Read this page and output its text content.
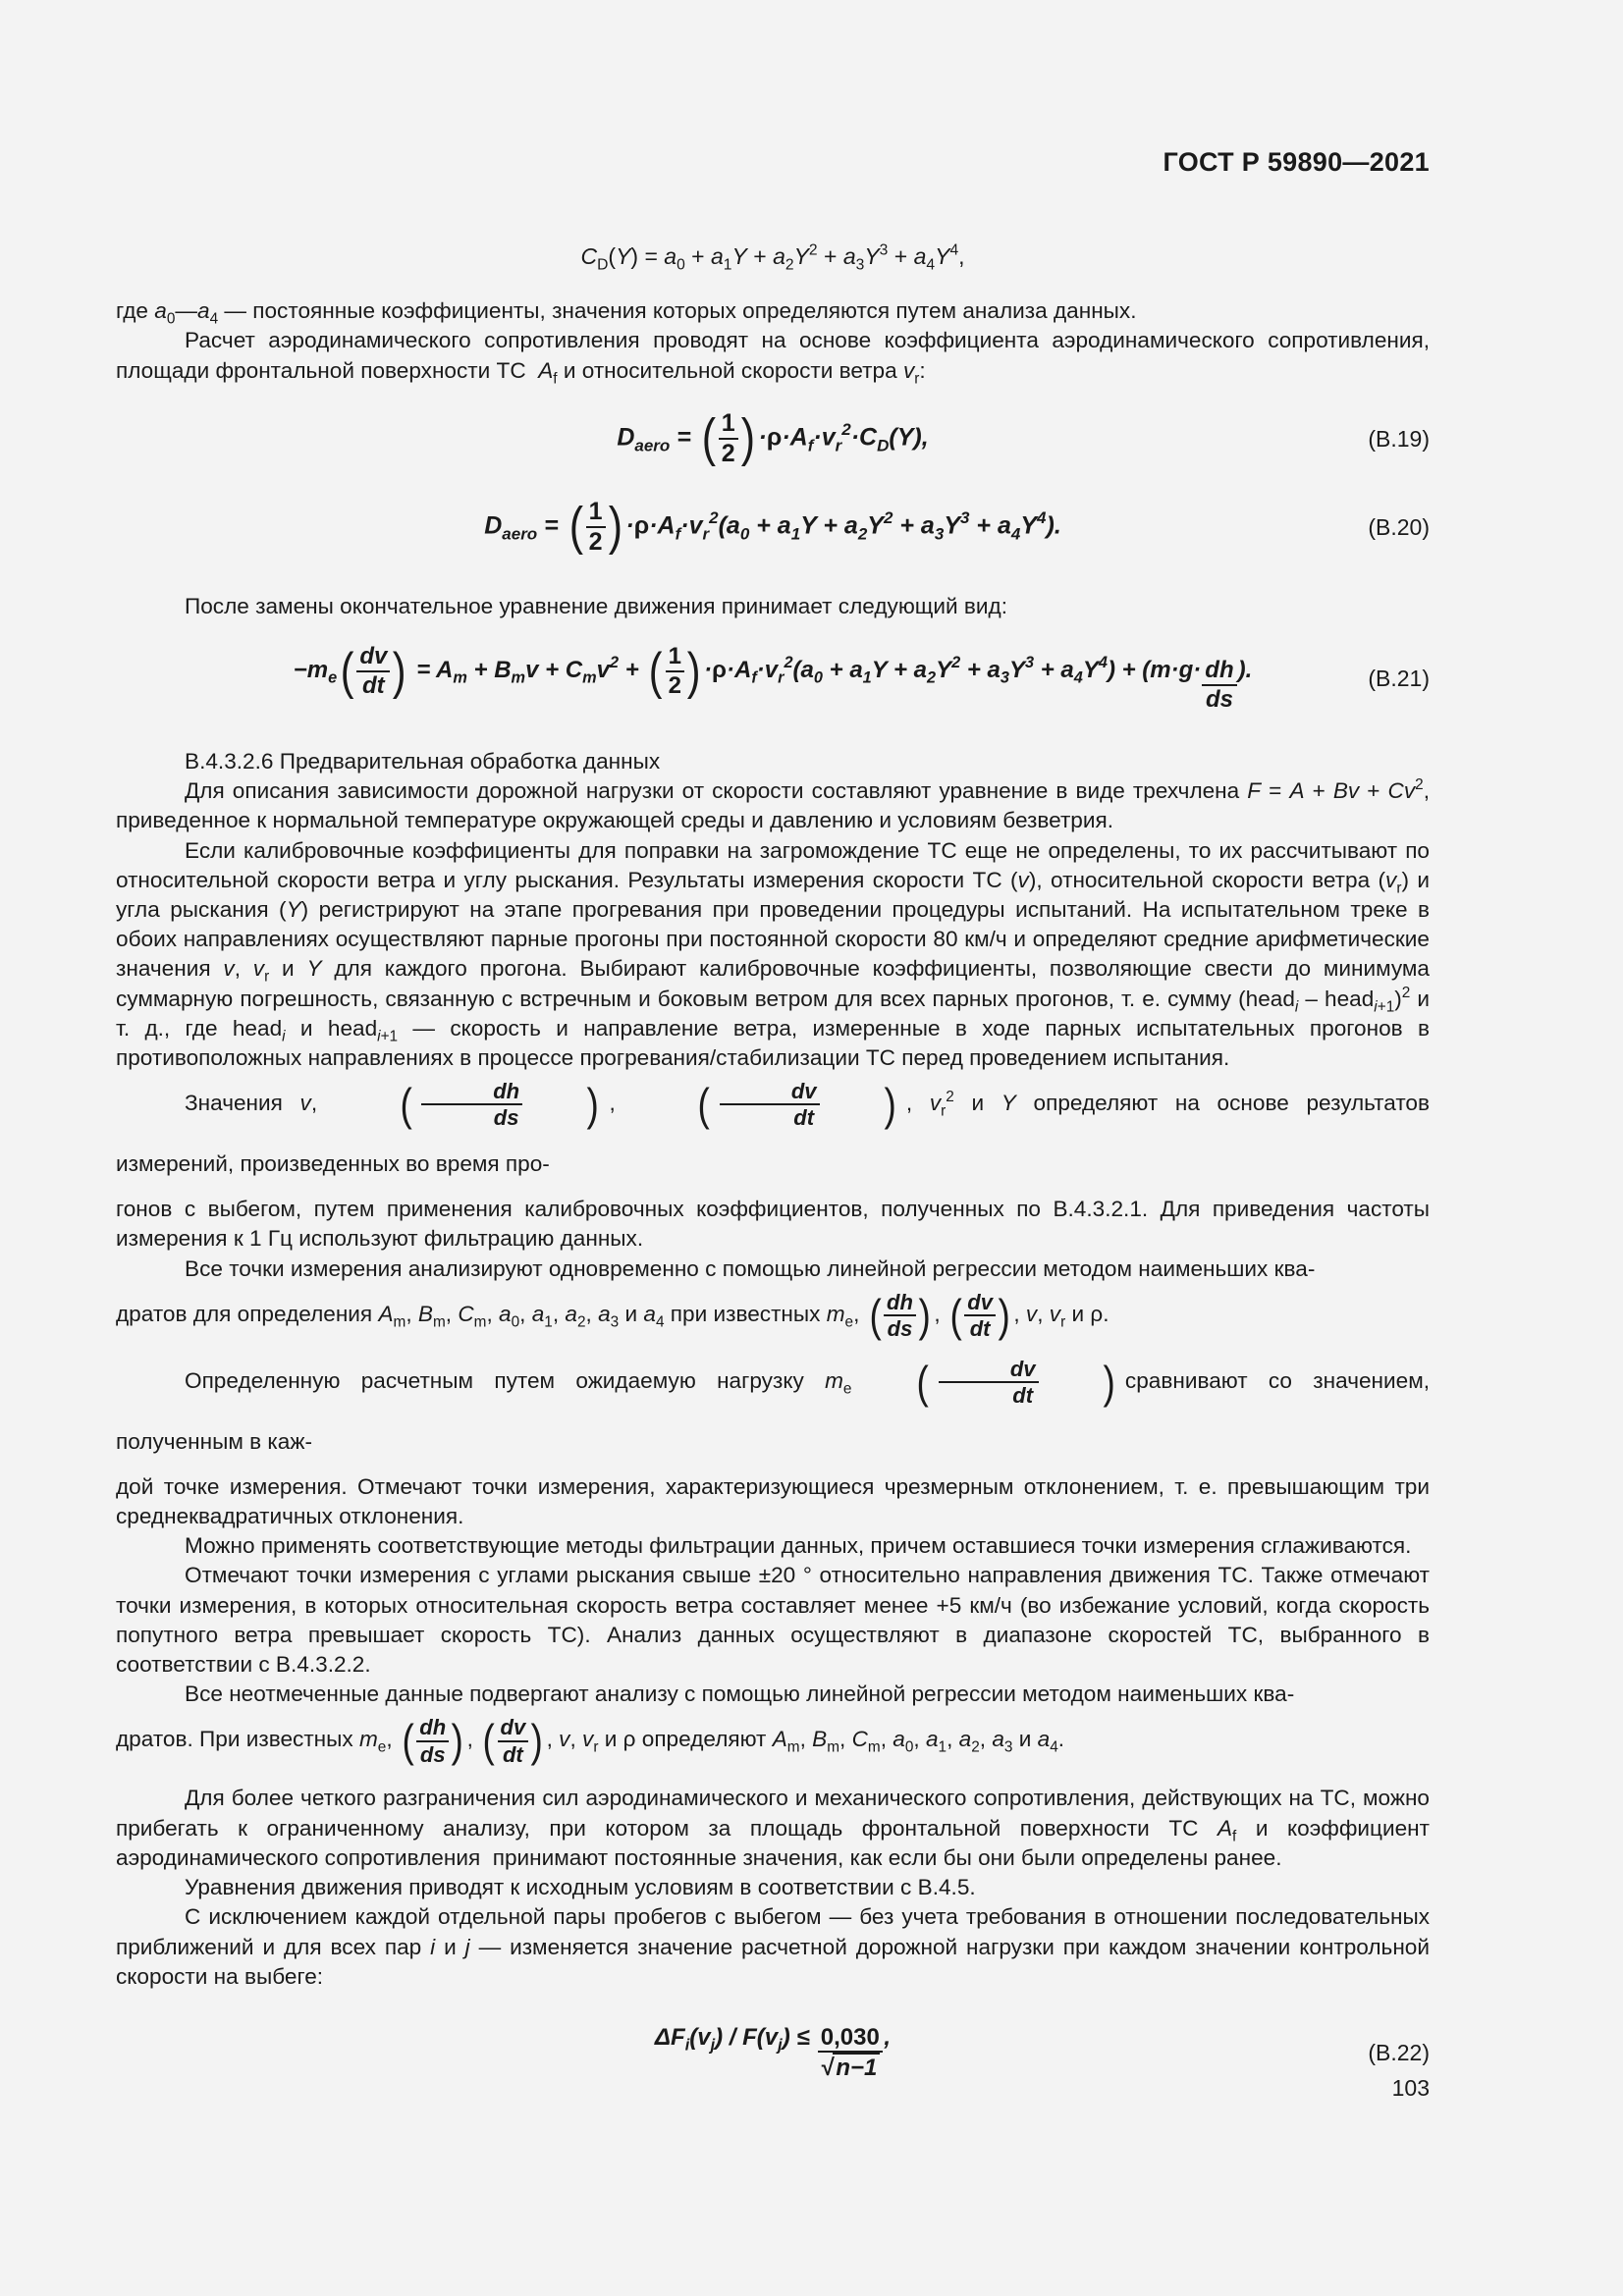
ГОСТ Р 59890—2021

$C_D(Y) = a_0 + a_1Y + a_2Y^2 + a_3Y^3 + a_4Y^4$,

где $a_0—a_4$ — постоянные коэффициенты, значения которых определяются путем анализа данных.

Расчет аэродинамического сопротивления проводят на основе коэффициента аэродинамического сопротивления, площади фронтальной поверхности ТС  $A_f$ и относительной скорости ветра $v_r$:

$D_{aero}$ = ( $\frac{1}{2}$ ) $\cdot\rho\cdot A_f\cdot v_r^2\cdot C_D(Y)$,	(В.19)
$D_{aero}$ = ( $\frac{1}{2}$ ) $\cdot\rho\cdot A_f\cdot v_r^2(a_0 + a_1Y + a_2Y^2 + a_3Y^3 + a_4Y^4)$.	(В.20)

После замены окончательное уравнение движения принимает следующий вид:

$-m_e$ ( $\frac{dv}{dt}$ ) = $A_m + B_mv + C_mv^2$ + ( $\frac{1}{2}$ ) $\cdot\rho\cdot A_f\cdot v_r^2(a_0 + a_1Y + a_2Y^2 + a_3Y^3 + a_4Y^4) + (m\cdot g\cdot \frac{dh}{ds}$ ).	(В.21)

В.4.3.2.6 Предварительная обработка данных

Для описания зависимости дорожной нагрузки от скорости составляют уравнение в виде трехчлена $F = A + Bv + Cv^2$, приведенное к нормальной температуре окружающей среды и давлению и условиям безветрия.

Если калибровочные коэффициенты для поправки на загромождение ТС еще не определены, то их рассчитывают по относительной скорости ветра и углу рыскания. Результаты измерения скорости ТС (v), относительной скорости ветра $(v_r)$ и угла рыскания (Y) регистрируют на этапе прогревания при проведении процедуры испытаний. На испытательном треке в обоих направлениях осуществляют парные прогоны при постоянной скорости 80 км/ч и определяют средние арифметические значения v, $v_r$ и Y для каждого прогона. Выбирают калибровочные коэффициенты, позволяющие свести до минимума суммарную погрешность, связанную с встречным и боковым ветром для всех парных прогонов, т. е. сумму (head$_i$ – head$_{i+1}$)$^2$ и т. д., где head$_i$ и head$_{i+1}$ — скорость и направление ветра, измеренные в ходе парных испытательных прогонов в противоположных направлениях в процессе прогревания/стабилизации ТС перед проведением испытания.

Значения v,	( $\frac{dh}{ds}$	) ,	( $\frac{dv}{dt}$	) , $v_r^2$ и Y определяют на основе результатов измерений, произведенных во время про-

гонов с выбегом, путем применения калибровочных коэффициентов, полученных по В.4.3.2.1. Для приведения частоты измерения к 1 Гц используют фильтрацию данных.

Все точки измерения анализируют одновременно с помощью линейной регрессии методом наименьших ква-

дратов для определения $A_m$, $B_m$, $C_m$, $a_0$, $a_1$, $a_2$, $a_3$ и $a_4$ при известных $m_e$, ( $\frac{dh}{ds}$ ) , ( $\frac{dv}{dt}$ ) , v, $v_r$ и ρ.

Определенную расчетным путем ожидаемую нагрузку $m_e$	( $\frac{dv}{dt}$	) сравнивают со значением, полученным в каж-

дой точке измерения. Отмечают точки измерения, характеризующиеся чрезмерным отклонением, т. е. превышающим три среднеквадратичных отклонения.

Можно применять соответствующие методы фильтрации данных, причем оставшиеся точки измерения сглаживаются.

Отмечают точки измерения с углами рыскания свыше ±20 ° относительно направления движения ТС. Также отмечают точки измерения, в которых относительная скорость ветра составляет менее +5 км/ч (во избежание условий, когда скорость попутного ветра превышает скорость ТС). Анализ данных осуществляют в диапазоне скоростей ТС, выбранного в соответствии с В.4.3.2.2.

Все неотмеченные данные подвергают анализу с помощью линейной регрессии методом наименьших ква-

дратов. При известных $m_e$, ( $\frac{dh}{ds}$ ) , ( $\frac{dv}{dt}$ ) , v, $v_r$ и ρ определяют $A_m$, $B_m$, $C_m$, $a_0$, $a_1$, $a_2$, $a_3$ и $a_4$.

Для более четкого разграничения сил аэродинамического и механического сопротивления, действующих на ТС, можно прибегать к ограниченному анализу, при котором за площадь фронтальной поверхности ТС $A_f$ и коэффициент аэродинамического сопротивления  принимают постоянные значения, как если бы они были определены ранее.

Уравнения движения приводят к исходным условиям в соответствии с В.4.5.

С исключением каждой отдельной пары пробегов с выбегом — без учета требования в отношении последовательных приближений и для всех пар i и j — изменяется значение расчетной дорожной нагрузки при каждом значении контрольной скорости на выбеге:

$\Delta F_i(v_j) / F(v_j) \le \frac{0,030}{√ n-1}$ ,
(В.22)
103
